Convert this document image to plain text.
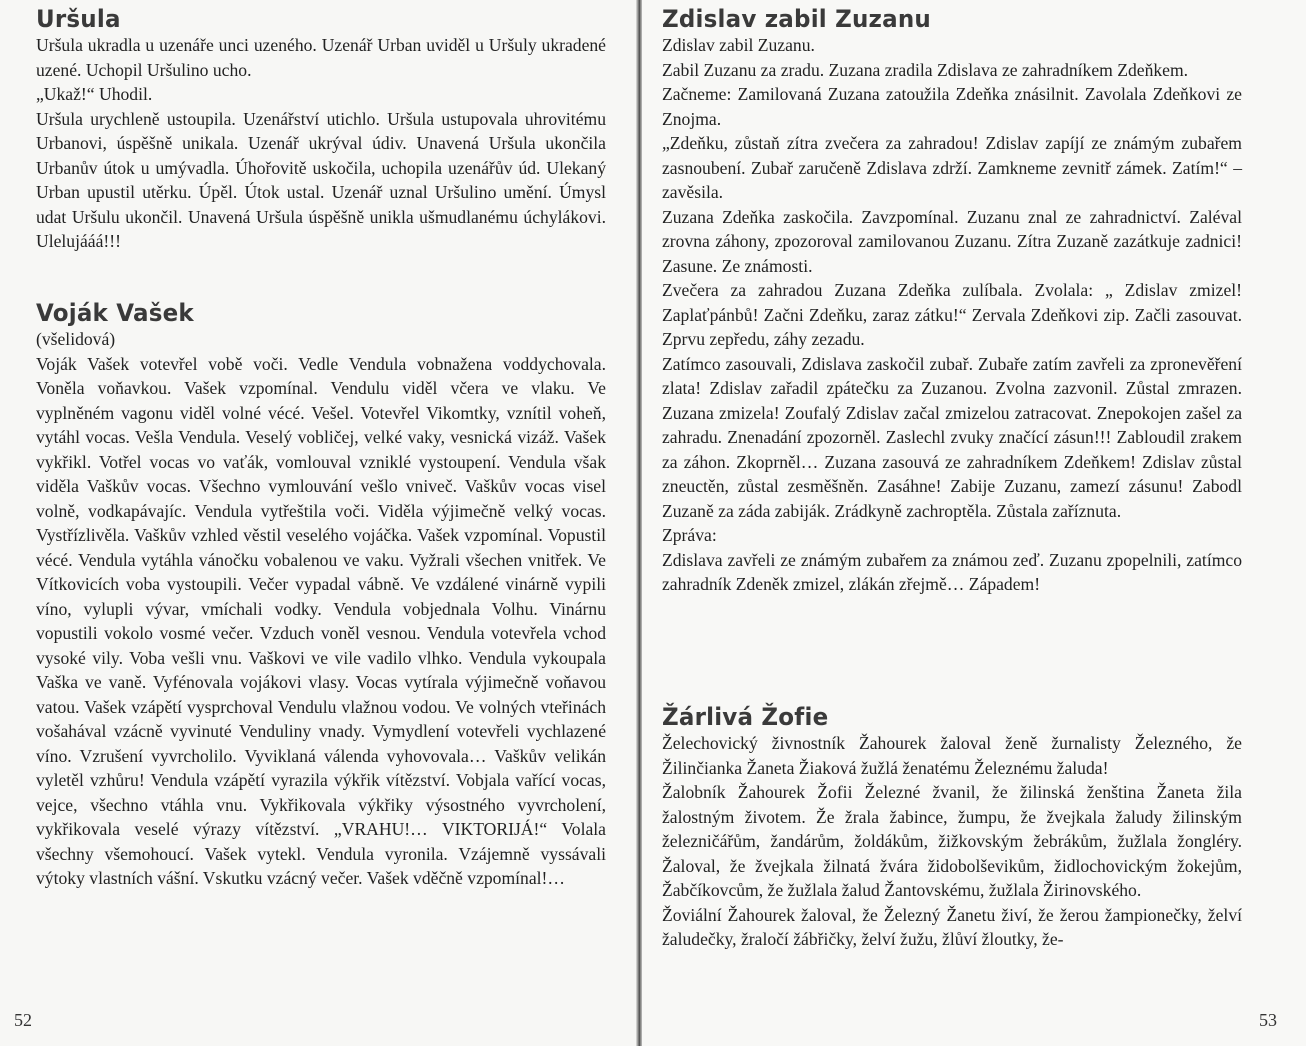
Uršula

Uršula ukradla u uzenáře unci uzeného. Uzenář Urban uviděl u Uršuly ukradené uzené. Uchopil Uršulino ucho.

„Ukaž!“ Uhodil.

Uršula urychleně ustoupila. Uzenářství utichlo. Uršula ustupovala uhrovitému Urbanovi, úspěšně unikala. Uzenář ukrýval údiv. Unavená Uršula ukončila Urbanův útok u umývadla. Úhořovitě uskočila, uchopila uzenářův úd. Ulekaný Urban upustil utěrku. Úpěl. Útok ustal. Uzenář uznal Uršulino umění. Úmysl udat Uršulu ukončil. Unavená Uršula úspěšně unikla ušmudlanému úchylákovi. Ulelujááá!!!

Voják Vašek

(všelidová)

Voják Vašek votevřel vobě voči. Vedle Vendula vobnažena voddychovala. Voněla voňavkou. Vašek vzpomínal. Vendulu viděl včera ve vlaku. Ve vyplněném vagonu viděl volné vécé. Vešel. Votevřel Vikomtky, vznítil voheň, vytáhl vocas. Vešla Vendula. Veselý vobličej, velké vaky, vesnická vizáž. Vašek vykřikl. Votřel vocas vo vaťák, vomlouval vzniklé vystoupení. Vendula však viděla Vaškův vocas. Všechno vymlouvání vešlo vniveč. Vaškův vocas visel volně, vodkapávajíc. Vendula vytřeštila voči. Viděla výjimečně velký vocas. Vystřízlivěla. Vaškův vzhled věstil veselého vojáčka. Vašek vzpomínal. Vopustil vécé. Vendula vytáhla vánočku vobalenou ve vaku. Vyžrali všechen vnitřek. Ve Vítkovicích voba vystoupili. Večer vypadal vábně. Ve vzdálené vinárně vypili víno, vylupli vývar, vmíchali vodky. Vendula vobjednala Volhu. Vinárnu vopustili vokolo vosmé večer. Vzduch voněl vesnou. Vendula votevřela vchod vysoké vily. Voba vešli vnu. Vaškovi ve vile vadilo vlhko. Vendula vykoupala Vaška ve vaně. Vyfénovala vojákovi vlasy. Vocas vytírala výjimečně voňavou vatou. Vašek vzápětí vysprchoval Vendulu vlažnou vodou. Ve volných vteřinách vošahával vzácně vyvinuté Venduliny vnady. Vymydlení votevřeli vychlazené víno. Vzrušení vyvrcholilo. Vyviklaná válenda vyhovovala… Vaškův velikán vyletěl vzhůru! Vendula vzápětí vyrazila výkřik vítězství. Vobjala vařící vocas, vejce, všechno vtáhla vnu. Vykřikovala výkřiky výsostného vyvrcholení, vykřikovala veselé výrazy vítězství. „VRAHU!… VIKTORIJÁ!“ Volala všechny všemohoucí. Vašek vytekl. Vendula vyronila. Vzájemně vyssávali výtoky vlastních vášní. Vskutku vzácný večer. Vašek vděčně vzpomínal!…

52
Zdislav zabil Zuzanu

Zdislav zabil Zuzanu.

Zabil Zuzanu za zradu. Zuzana zradila Zdislava ze zahradníkem Zdeňkem.

Začneme: Zamilovaná Zuzana zatoužila Zdeňka znásilnit. Zavolala Zdeňkovi ze Znojma.

„Zdeňku, zůstaň zítra zvečera za zahradou! Zdislav zapíjí ze známým zubařem zasnoubení. Zubař zaručeně Zdislava zdrží. Zamkneme zevnitř zámek. Zatím!“ – zavěsila.

Zuzana Zdeňka zaskočila. Zavzpomínal. Zuzanu znal ze zahradnictví. Zaléval zrovna záhony, zpozoroval zamilovanou Zuzanu. Zítra Zuzaně zazátkuje zadnici! Zasune. Ze známosti.

Zvečera za zahradou Zuzana Zdeňka zulíbala. Zvolala: „ Zdislav zmizel! Zaplaťpánbů! Začni Zdeňku, zaraz zátku!“ Zervala Zdeňkovi zip. Začli zasouvat. Zprvu zepředu, záhy zezadu.

Zatímco zasouvali, Zdislava zaskočil zubař. Zubaře zatím zavřeli za zpronevěření zlata! Zdislav zařadil zpátečku za Zuzanou. Zvolna zazvonil. Zůstal zmrazen. Zuzana zmizela! Zoufalý Zdislav začal zmizelou zatracovat. Znepokojen zašel za zahradu. Znenadání zpozorněl. Zaslechl zvuky značící zásun!!! Zabloudil zrakem za záhon. Zkoprněl… Zuzana zasouvá ze zahradníkem Zdeňkem! Zdislav zůstal zneuctěn, zůstal zesměšněn. Zasáhne! Zabije Zuzanu, zamezí zásunu! Zabodl Zuzaně za záda zabiják. Zrádkyně zachroptěla. Zůstala zaříznuta.

Zpráva:

Zdislava zavřeli ze známým zubařem za známou zeď. Zuzanu zpopelnili, zatímco zahradník Zdeněk zmizel, zlákán zřejmě… Západem!

Žárlivá Žofie

Želechovický živnostník Žahourek žaloval ženě žurnalisty Železného, že Žilinčianka Žaneta Žiaková žužlá ženatému Železnému žaluda!

Žalobník Žahourek Žofii Železné žvanil, že žilinská ženština Žaneta žila žalostným životem. Že žrala žabince, žumpu, že žvejkala žaludy žilinským železničářům, žandárům, žoldákům, žižkovským žebrákům, žužlala žongléry. Žaloval, že žvejkala žilnatá žvára židobolševikům, židlochovickým žokejům, Žabčíkovcům, že žužlala žalud Žantovskému, žužlala Žirinovského.

Žoviální Žahourek žaloval, že Železný Žanetu živí, že žerou žampionečky, želví žaludečky, žraločí žábřičky, želví žužu, žlůví žloutky, že-

53
